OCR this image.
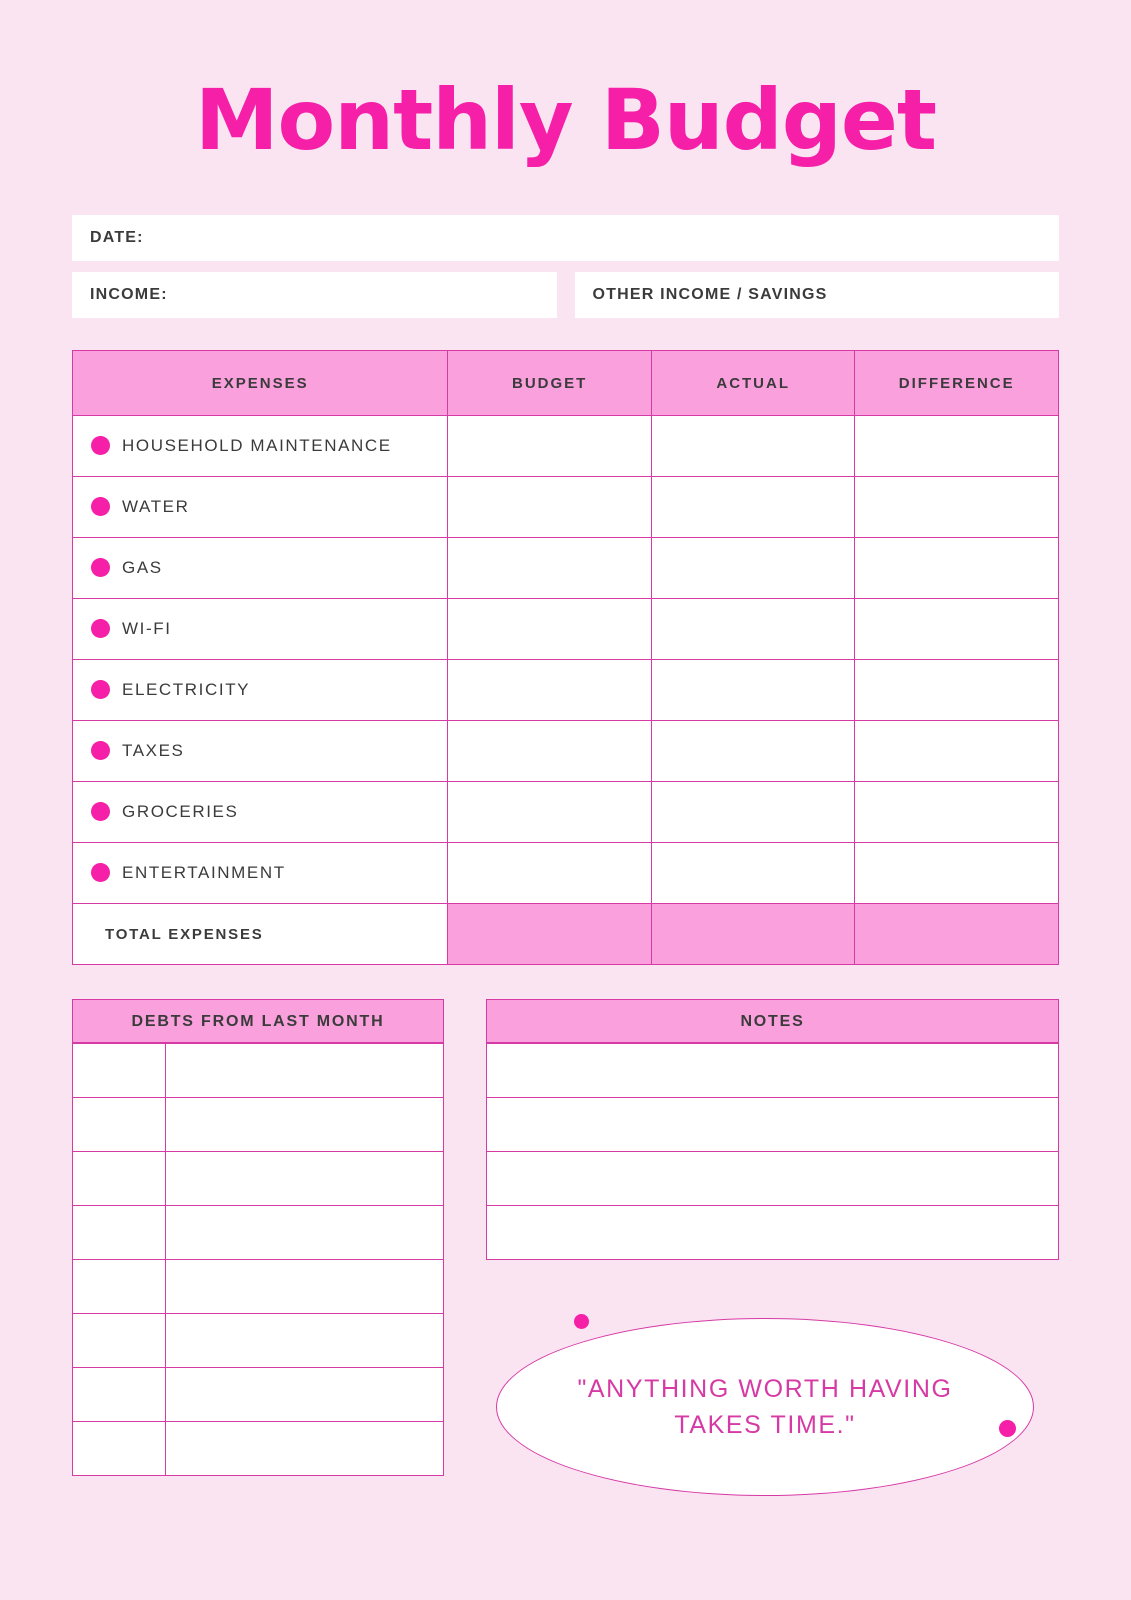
Monthly Budget
DATE:
INCOME:	OTHER INCOME / SAVINGS
EXPENSES	BUDGET	ACTUAL	DIFFERENCE
HOUSEHOLD MAINTENANCE			
WATER			
GAS			
WI-FI			
ELECTRICITY			
TAXES			
GROCERIES			
ENTERTAINMENT			
TOTAL EXPENSES			
DEBTS FROM LAST MONTH

		NOTES

"ANYTHING WORTH HAVING TAKES TIME."
